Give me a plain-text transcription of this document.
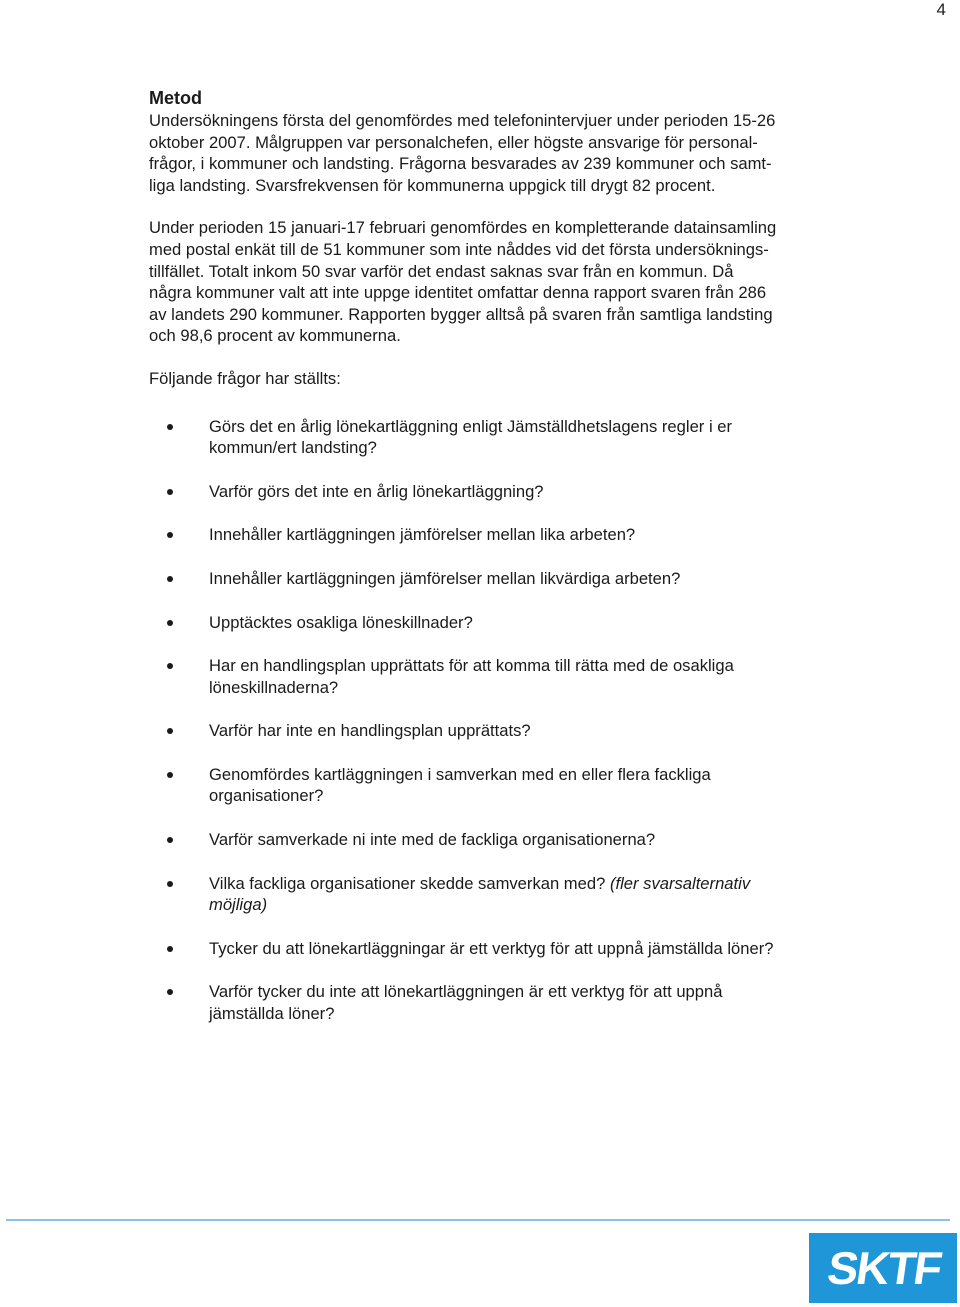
4
Metod
Undersökningens första del genomfördes med telefonintervjuer under perioden 15-26
oktober 2007. Målgruppen var personalchefen, eller högste ansvarige för personal-
frågor, i kommuner och landsting. Frågorna besvarades av 239 kommuner och samt-
liga landsting. Svarsfrekvensen för kommunerna uppgick till drygt 82 procent.
Under perioden 15 januari-17 februari genomfördes en kompletterande datainsamling
med postal enkät till de 51 kommuner som inte nåddes vid det första undersöknings-
tillfället. Totalt inkom 50 svar varför det endast saknas svar från en kommun. Då
några kommuner valt att inte uppge identitet omfattar denna rapport svaren från 286
av landets 290 kommuner. Rapporten bygger alltså på svaren från samtliga landsting
och 98,6 procent av kommunerna.
Följande frågor har ställts:
Görs det en årlig lönekartläggning enligt Jämställdhetslagens regler i er
kommun/ert landsting?
Varför görs det inte en årlig lönekartläggning?
Innehåller kartläggningen jämförelser mellan lika arbeten?
Innehåller kartläggningen jämförelser mellan likvärdiga arbeten?
Upptäcktes osakliga löneskillnader?
Har en handlingsplan upprättats för att komma till rätta med de osakliga
löneskillnaderna?
Varför har inte en handlingsplan upprättats?
Genomfördes kartläggningen i samverkan med en eller flera fackliga
organisationer?
Varför samverkade ni inte med de fackliga organisationerna?
Vilka fackliga organisationer skedde samverkan med? (fler svarsalternativ
möjliga)
Tycker du att lönekartläggningar är ett verktyg för att uppnå jämställda löner?
Varför tycker du inte att lönekartläggningen är ett verktyg för att uppnå
jämställda löner?
SKTF
